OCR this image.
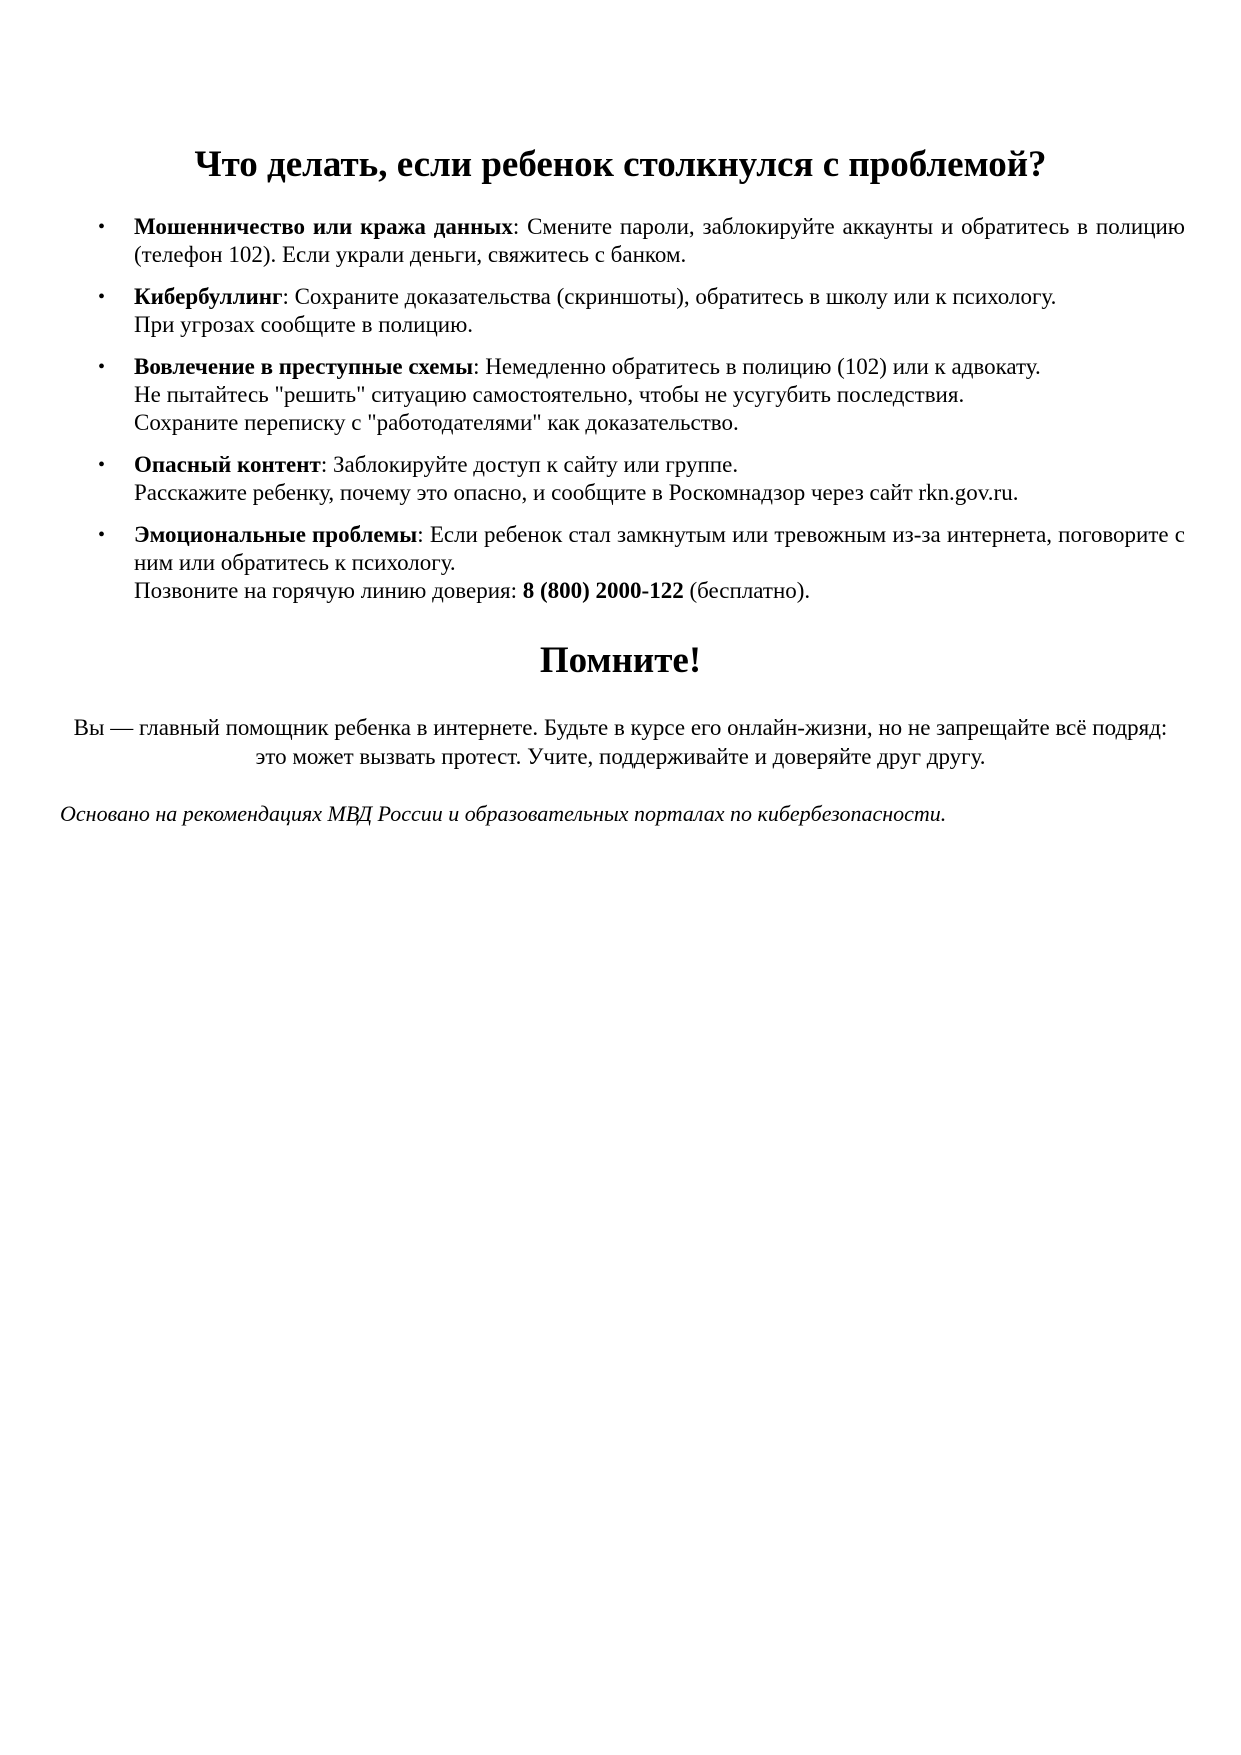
Что делать, если ребенок столкнулся с проблемой?
• Мошенничество или кража данных: Смените пароли, заблокируйте аккаунты и обратитесь в полицию (телефон 102). Если украли деньги, свяжитесь с банком.
• Кибербуллинг: Сохраните доказательства (скриншоты), обратитесь в школу или к психологу.
При угрозах сообщите в полицию.
• Вовлечение в преступные схемы: Немедленно обратитесь в полицию (102) или к адвокату.
Не пытайтесь "решить" ситуацию самостоятельно, чтобы не усугубить последствия.
Сохраните переписку с "работодателями" как доказательство.
• Опасный контент: Заблокируйте доступ к сайту или группе.
Расскажите ребенку, почему это опасно, и сообщите в Роскомнадзор через сайт rkn.gov.ru.
• Эмоциональные проблемы: Если ребенок стал замкнутым или тревожным из-за интернета, поговорите с ним или обратитесь к психологу.
Позвоните на горячую линию доверия: 8 (800) 2000-122 (бесплатно).
Помните!

Вы — главный помощник ребенка в интернете. Будьте в курсе его онлайн-жизни, но не запрещайте всё подряд: это может вызвать протест. Учите, поддерживайте и доверяйте друг другу.

Основано на рекомендациях МВД России и образовательных порталах по кибербезопасности.
